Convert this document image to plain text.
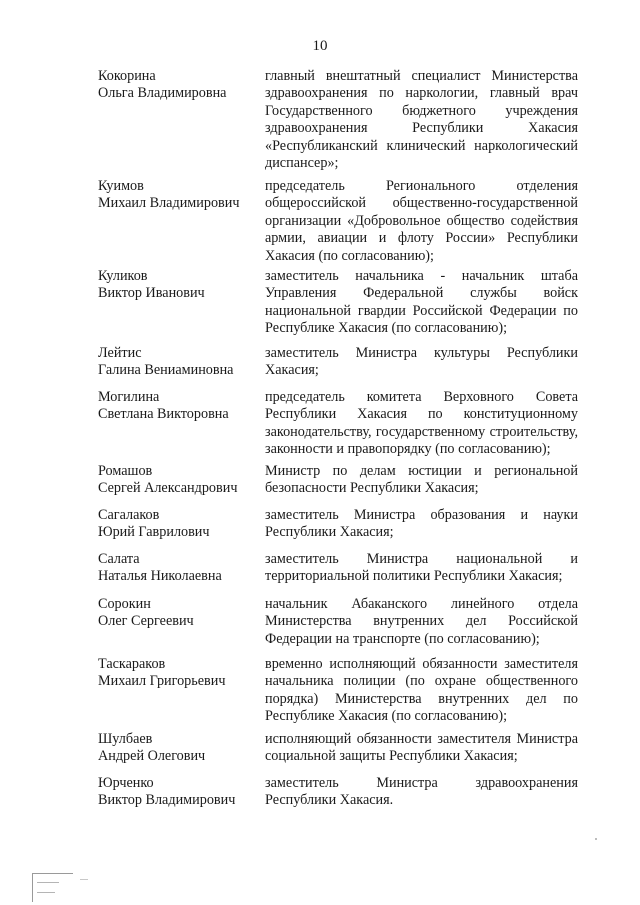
10
Кокорина
Ольга Владимировна
главный внештатный специалист Министерства здравоохранения по наркологии, главный врач Государственного бюджетного учреждения здравоохранения Республики Хакасия «Республиканский клинический наркологический диспансер»;
Куимов
Михаил Владимирович
председатель Регионального отделения общероссийской общественно-государственной организации «Добровольное общество содействия армии, авиации и флоту России» Республики Хакасия (по согласованию);
Куликов
Виктор Иванович
заместитель начальника - начальник штаба Управления Федеральной службы войск национальной гвардии Российской Федерации по Республике Хакасия (по согласованию);
Лейтис
Галина Вениаминовна
заместитель Министра культуры Республики Хакасия;
Могилина
Светлана Викторовна
председатель комитета Верховного Совета Республики Хакасия по конституционному законодательству, государственному строительству, законности и правопорядку (по согласованию);
Ромашов
Сергей Александрович
Министр по делам юстиции и региональной безопасности Республики Хакасия;
Сагалаков
Юрий Гаврилович
заместитель Министра образования и науки Республики Хакасия;
Салата
Наталья Николаевна
заместитель Министра национальной и территориальной политики Республики Хакасия;
Сорокин
Олег Сергеевич
начальник Абаканского линейного отдела Министерства внутренних дел Российской Федерации на транспорте (по согласованию);
Таскараков
Михаил Григорьевич
временно исполняющий обязанности заместителя начальника полиции (по охране общественного порядка) Министерства внутренних дел по Республике Хакасия (по согласованию);
Шулбаев
Андрей Олегович
исполняющий обязанности заместителя Министра социальной защиты Республики Хакасия;
Юрченко
Виктор Владимирович
заместитель Министра здравоохранения Республики Хакасия.
